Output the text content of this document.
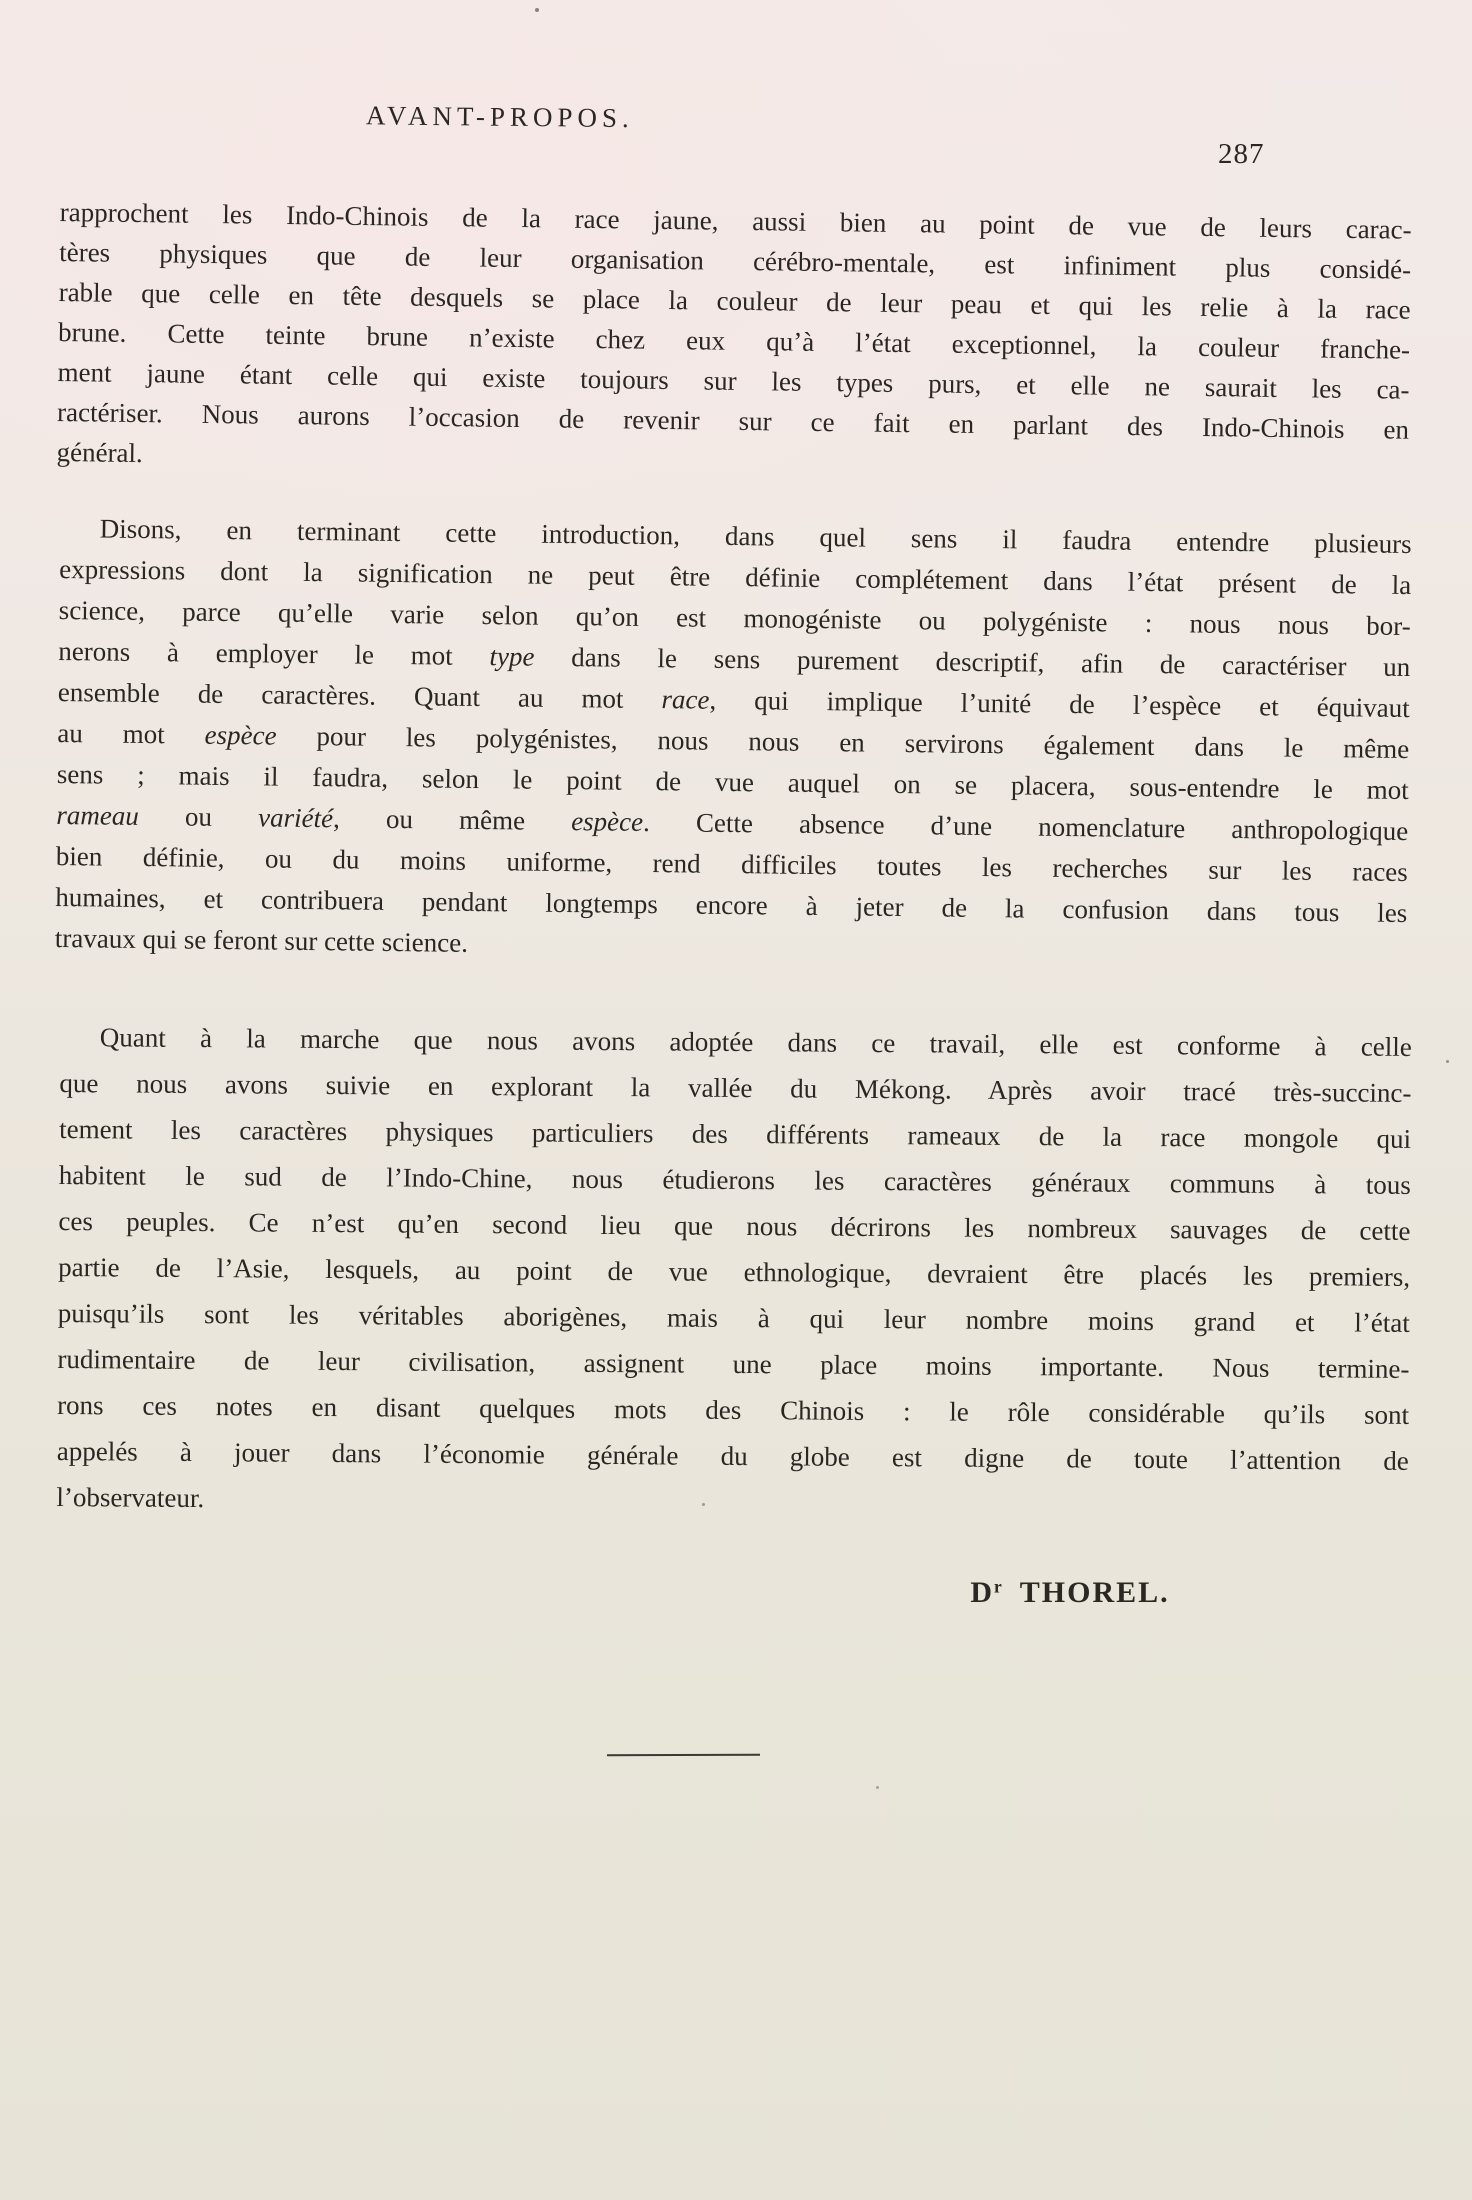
AVANT-PROPOS.
287
rapprochent les Indo-Chinois de la race jaune, aussi bien au point de vue de leurs carac-
tères physiques que de leur organisation cérébro-mentale, est infiniment plus considé-
rable que celle en tête desquels se place la couleur de leur peau et qui les relie à la race
brune. Cette teinte brune n’existe chez eux qu’à l’état exceptionnel, la couleur franche-
ment jaune étant celle qui existe toujours sur les types purs, et elle ne saurait les ca-
ractériser. Nous aurons l’occasion de revenir sur ce fait en parlant des Indo-Chinois en
général.
Disons, en terminant cette introduction, dans quel sens il faudra entendre plusieurs
expressions dont la signification ne peut être définie complétement dans l’état présent de la
science, parce qu’elle varie selon qu’on est monogéniste ou polygéniste : nous nous bor-
nerons à employer le mot type dans le sens purement descriptif, afin de caractériser un
ensemble de caractères. Quant au mot race, qui implique l’unité de l’espèce et équivaut
au mot espèce pour les polygénistes, nous nous en servirons également dans le même
sens ; mais il faudra, selon le point de vue auquel on se placera, sous-entendre le mot
rameau ou variété, ou même espèce. Cette absence d’une nomenclature anthropologique
bien définie, ou du moins uniforme, rend difficiles toutes les recherches sur les races
humaines, et contribuera pendant longtemps encore à jeter de la confusion dans tous les
travaux qui se feront sur cette science.
Quant à la marche que nous avons adoptée dans ce travail, elle est conforme à celle
que nous avons suivie en explorant la vallée du Mékong. Après avoir tracé très-succinc-
tement les caractères physiques particuliers des différents rameaux de la race mongole qui
habitent le sud de l’Indo-Chine, nous étudierons les caractères généraux communs à tous
ces peuples. Ce n’est qu’en second lieu que nous décrirons les nombreux sauvages de cette
partie de l’Asie, lesquels, au point de vue ethnologique, devraient être placés les premiers,
puisqu’ils sont les véritables aborigènes, mais à qui leur nombre moins grand et l’état
rudimentaire de leur civilisation, assignent une place moins importante. Nous termine-
rons ces notes en disant quelques mots des Chinois : le rôle considérable qu’ils sont
appelés à jouer dans l’économie générale du globe est digne de toute l’attention de
l’observateur.
$D^r$ THOREL.
